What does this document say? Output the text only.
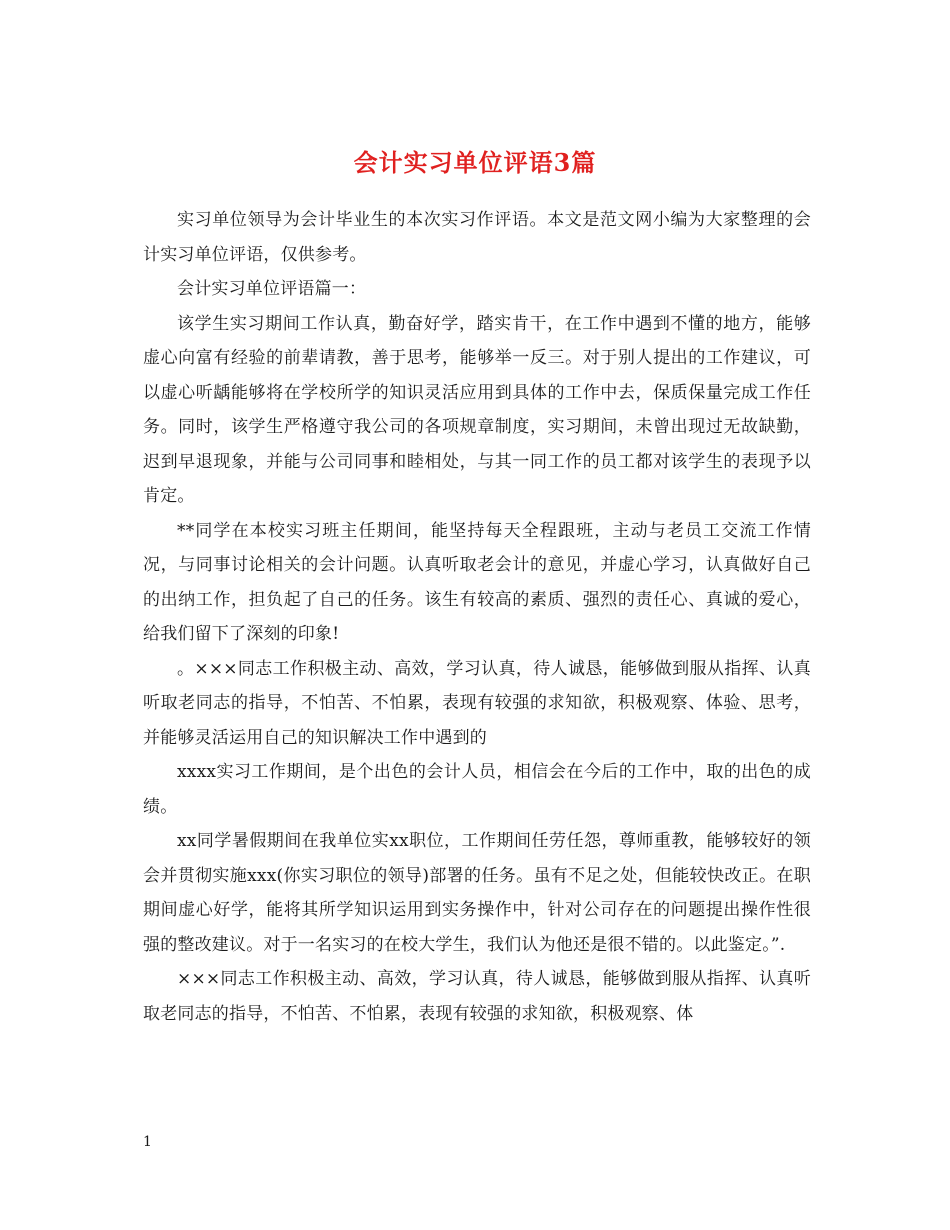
会计实习单位评语3篇

实习单位领导为会计毕业生的本次实习作评语。本文是范文网小编为大家整理的会计实习单位评语，仅供参考。

会计实习单位评语篇一：

该学生实习期间工作认真，勤奋好学，踏实肯干，在工作中遇到不懂的地方，能够虚心向富有经验的前辈请教，善于思考，能够举一反三。对于别人提出的工作建议，可以虚心听龋能够将在学校所学的知识灵活应用到具体的工作中去，保质保量完成工作任务。同时，该学生严格遵守我公司的各项规章制度，实习期间，未曾出现过无故缺勤，迟到早退现象，并能与公司同事和睦相处，与其一同工作的员工都对该学生的表现予以肯定。

**同学在本校实习班主任期间，能坚持每天全程跟班，主动与老员工交流工作情况，与同事讨论相关的会计问题。认真听取老会计的意见，并虚心学习，认真做好自己的出纳工作，担负起了自己的任务。该生有较高的素质、强烈的责任心、真诚的爱心，给我们留下了深刻的印象!

。×××同志工作积极主动、高效，学习认真，待人诚恳，能够做到服从指挥、认真听取老同志的指导，不怕苦、不怕累，表现有较强的求知欲，积极观察、体验、思考，并能够灵活运用自己的知识解决工作中遇到的

xxxx实习工作期间，是个出色的会计人员，相信会在今后的工作中，取的出色的成绩。

xx同学暑假期间在我单位实xx职位，工作期间任劳任怨，尊师重教，能够较好的领会并贯彻实施xxx(你实习职位的领导)部署的任务。虽有不足之处，但能较快改正。在职期间虚心好学，能将其所学知识运用到实务操作中，针对公司存在的问题提出操作性很强的整改建议。对于一名实习的在校大学生，我们认为他还是很不错的。以此鉴定。”.

×××同志工作积极主动、高效，学习认真，待人诚恳，能够做到服从指挥、认真听取老同志的指导，不怕苦、不怕累，表现有较强的求知欲，积极观察、体

1
